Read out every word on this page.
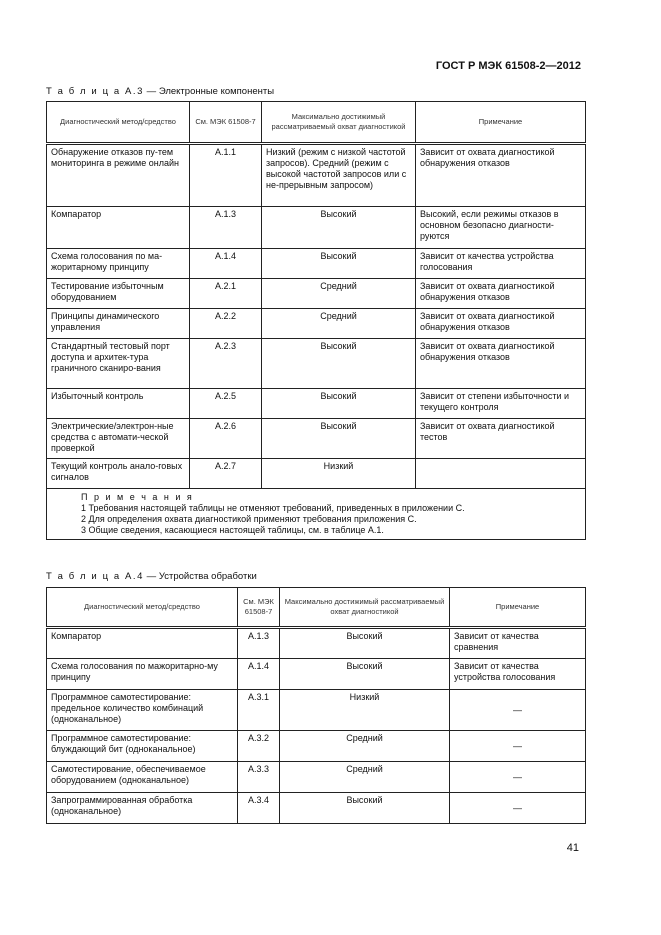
ГОСТ Р МЭК 61508-2—2012
Т а б л и ц а А.3 — Электронные компоненты
Диагностический метод/средство	См. МЭК 61508-7	Максимально достижимый рассматриваемый охват диагностикой	Примечание
Обнаружение отказов пу-тем мониторинга в режиме онлайн	А.1.1	Низкий (режим с низкой частотой запросов). Средний (режим с высокой частотой запросов или с не-прерывным запросом)	Зависит от охвата диагностикой обнаружения отказов
Компаратор	А.1.3	Высокий	Высокий, если режимы отказов в основном безопасно диагности-руются
Схема голосования по ма-жоритарному принципу	А.1.4	Высокий	Зависит от качества устройства голосования
Тестирование избыточным оборудованием	А.2.1	Средний	Зависит от охвата диагностикой обнаружения отказов
Принципы динамического управления	А.2.2	Средний	Зависит от охвата диагностикой обнаружения отказов
Стандартный тестовый порт доступа и архитек-тура граничного сканиро-вания	А.2.3	Высокий	Зависит от охвата диагностикой обнаружения отказов
Избыточный контроль	А.2.5	Высокий	Зависит от степени избыточности и текущего контроля
Электрические/электрон-ные средства с автомати-ческой проверкой	А.2.6	Высокий	Зависит от охвата диагностикой тестов
Текущий контроль анало-говых сигналов	А.2.7	Низкий	

П р и м е ч а н и я
1 Требования настоящей таблицы не отменяют требований, приведенных в приложении С.
2 Для определения охвата диагностикой применяют требования приложения С.
3 Общие сведения, касающиеся настоящей таблицы, см. в таблице А.1.			
Т а б л и ц а А.4 — Устройства обработки
Диагностический метод/средство	См. МЭК 61508-7	Максимально достижимый рассматриваемый охват диагностикой	Примечание
Компаратор	А.1.3	Высокий	Зависит от качества сравнения
Схема голосования по мажоритарно-му принципу	А.1.4	Высокий	Зависит от качества устройства голосования
Программное самотестирование: предельное количество комбинаций (одноканальное)	А.3.1	Низкий	—
Программное самотестирование: блуждающий бит (одноканальное)	А.3.2	Средний	—
Самотестирование, обеспечиваемое оборудованием (одноканальное)	А.3.3	Средний	—
Запрограммированная обработка (одноканальное)	А.3.4	Высокий	—
41
